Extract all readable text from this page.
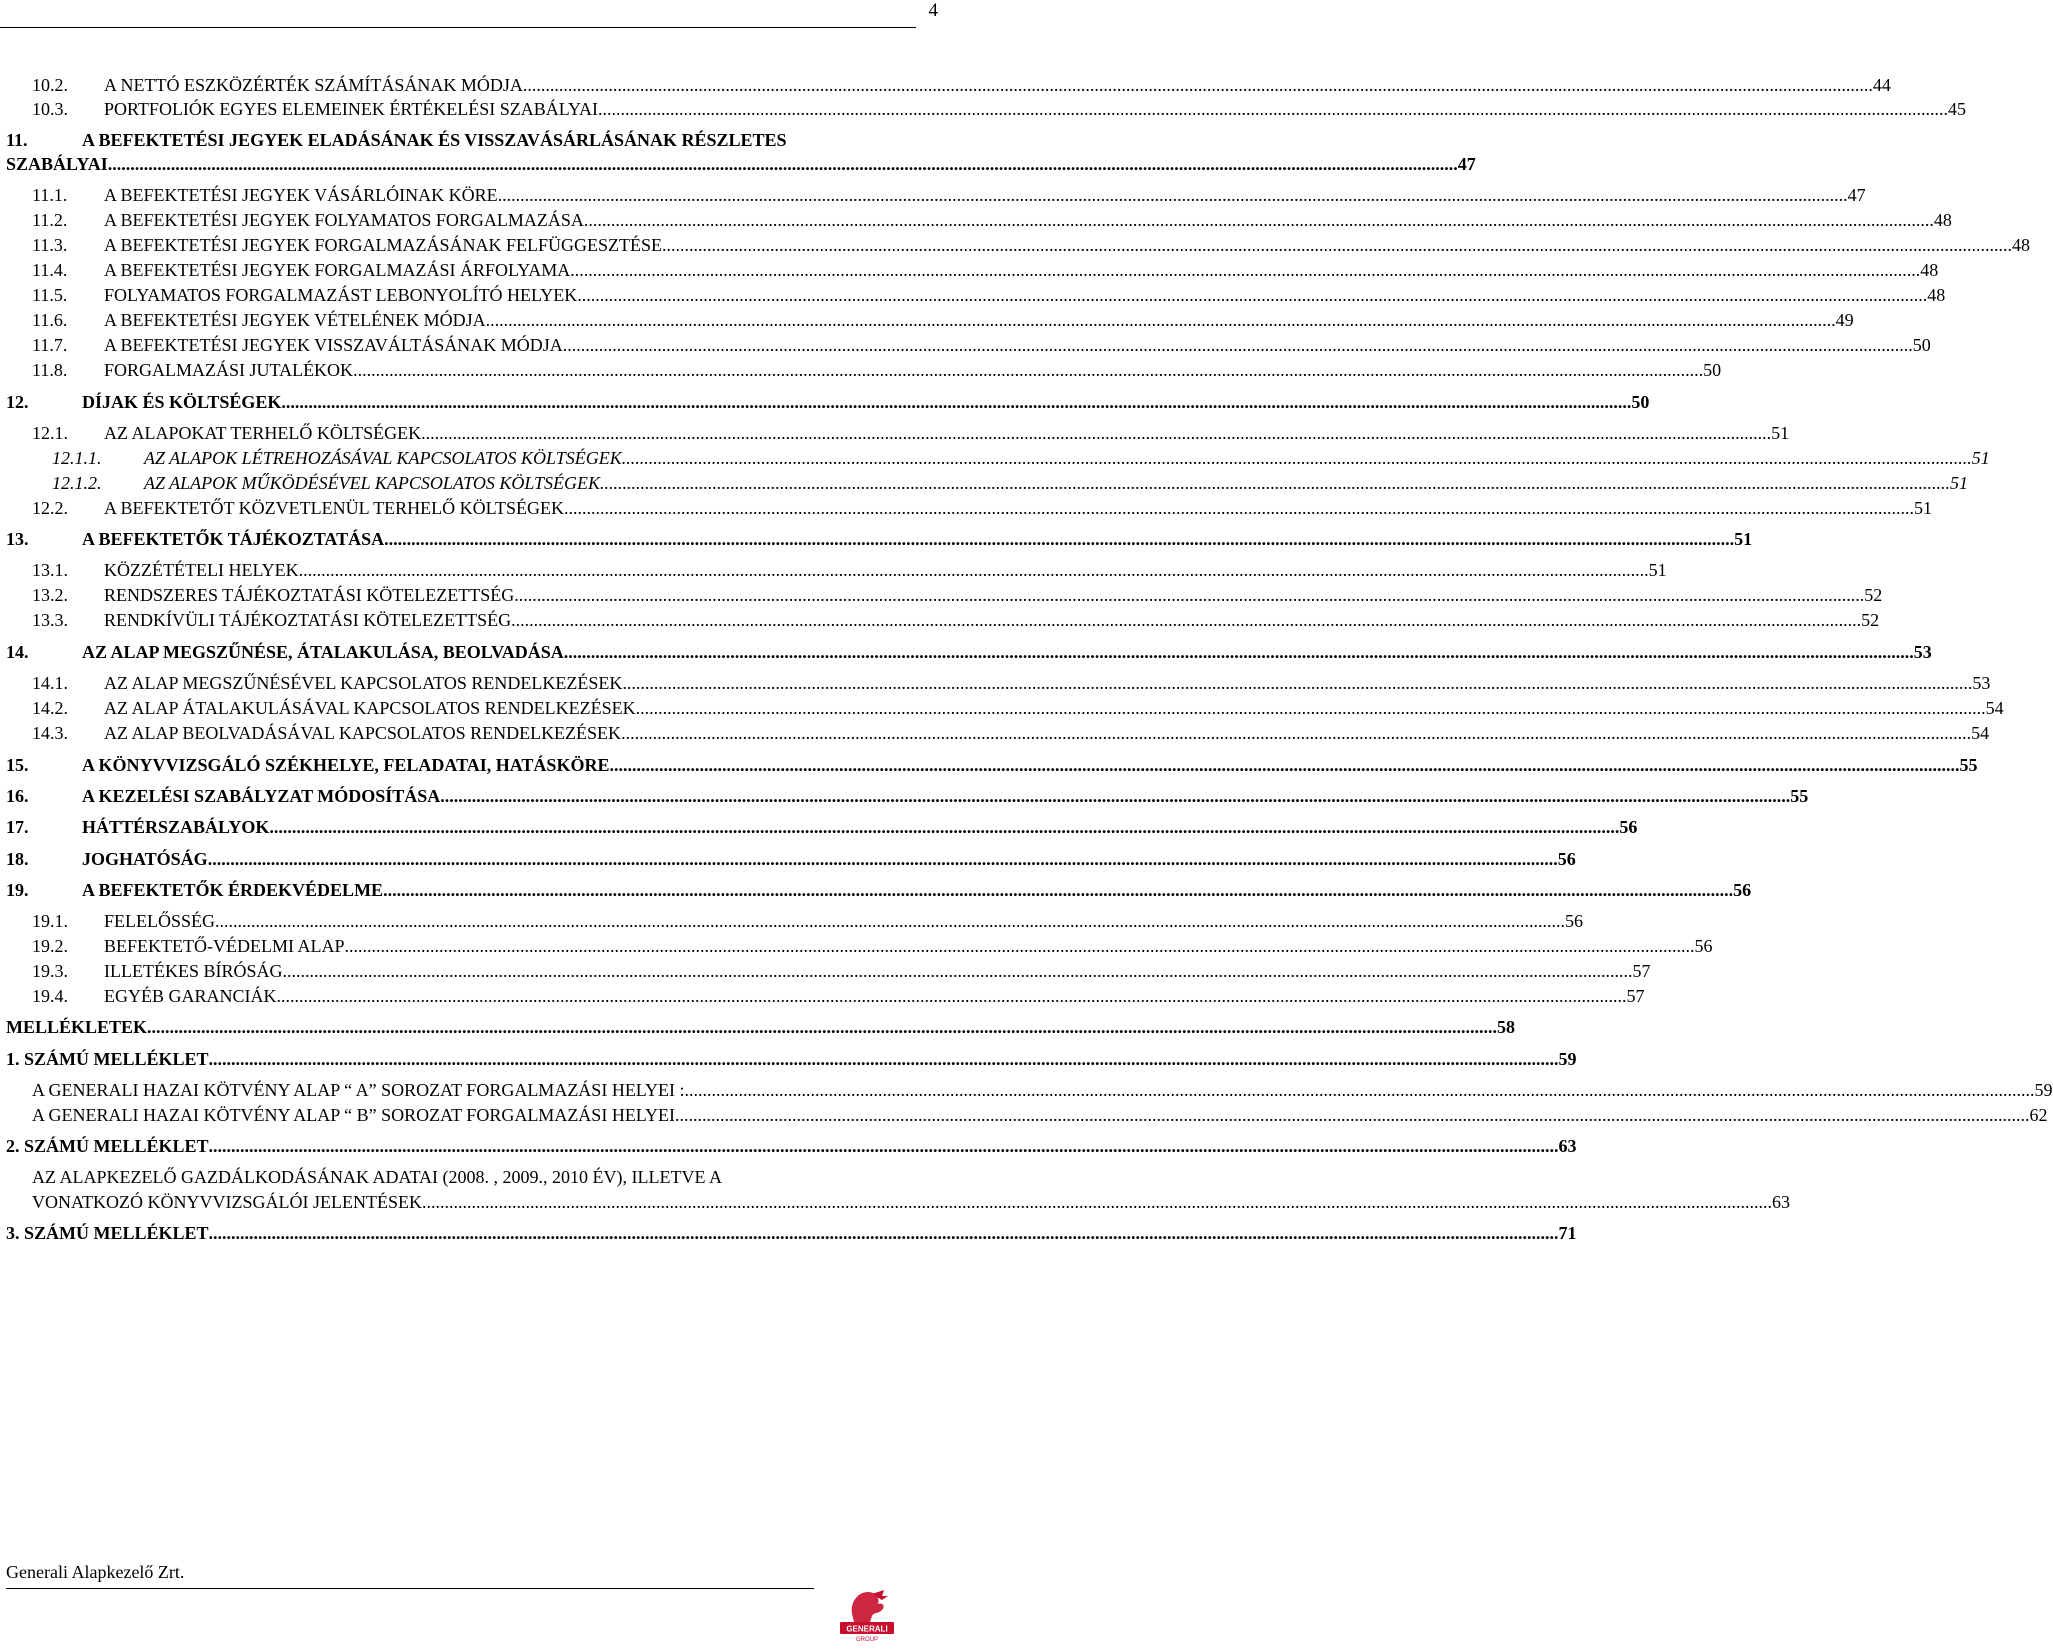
4
10.2.	A NETTÓ ESZKÖZÉRTÉK SZÁMÍTÁSÁNAK MÓDJA ............................................................................................................................................................................................................................................................................................................ 44
10.3.	PORTFOLIÓK EGYES ELEMEINEK ÉRTÉKELÉSI SZABÁLYAI ............................................................................................................................................................................................................................................................................................................ 45
11.	A BEFEKTETÉSI JEGYEK ELADÁSÁNAK ÉS VISSZAVÁSÁRLÁSÁNAK RÉSZLETES
SZABÁLYAI ............................................................................................................................................................................................................................................................................................................ 47
11.1.	A BEFEKTETÉSI JEGYEK VÁSÁRLÓINAK KÖRE ............................................................................................................................................................................................................................................................................................................ 47
11.2.	A BEFEKTETÉSI JEGYEK FOLYAMATOS FORGALMAZÁSA ............................................................................................................................................................................................................................................................................................................ 48
11.3.	A BEFEKTETÉSI JEGYEK FORGALMAZÁSÁNAK FELFÜGGESZTÉSE ............................................................................................................................................................................................................................................................................................................ 48
11.4.	A BEFEKTETÉSI JEGYEK FORGALMAZÁSI ÁRFOLYAMA ............................................................................................................................................................................................................................................................................................................ 48
11.5.	FOLYAMATOS FORGALMAZÁST LEBONYOLÍTÓ HELYEK ............................................................................................................................................................................................................................................................................................................ 48
11.6.	A BEFEKTETÉSI JEGYEK VÉTELÉNEK MÓDJA ............................................................................................................................................................................................................................................................................................................ 49
11.7.	A BEFEKTETÉSI JEGYEK VISSZAVÁLTÁSÁNAK MÓDJA ............................................................................................................................................................................................................................................................................................................ 50
11.8.	FORGALMAZÁSI JUTALÉKOK ............................................................................................................................................................................................................................................................................................................ 50
12.	DÍJAK ÉS KÖLTSÉGEK ............................................................................................................................................................................................................................................................................................................ 50
12.1.	AZ ALAPOKAT TERHELŐ KÖLTSÉGEK ............................................................................................................................................................................................................................................................................................................ 51
12.1.1.	AZ ALAPOK LÉTREHOZÁSÁVAL KAPCSOLATOS KÖLTSÉGEK ............................................................................................................................................................................................................................................................................................................ 51
12.1.2.	AZ ALAPOK MŰKÖDÉSÉVEL KAPCSOLATOS KÖLTSÉGEK ............................................................................................................................................................................................................................................................................................................ 51
12.2.	A BEFEKTETŐT KÖZVETLENÜL TERHELŐ KÖLTSÉGEK ............................................................................................................................................................................................................................................................................................................ 51
13.	A BEFEKTETŐK TÁJÉKOZTATÁSA ............................................................................................................................................................................................................................................................................................................ 51
13.1.	KÖZZÉTÉTELI HELYEK ............................................................................................................................................................................................................................................................................................................ 51
13.2.	RENDSZERES TÁJÉKOZTATÁSI KÖTELEZETTSÉG ............................................................................................................................................................................................................................................................................................................ 52
13.3.	RENDKÍVÜLI TÁJÉKOZTATÁSI KÖTELEZETTSÉG ............................................................................................................................................................................................................................................................................................................ 52
14.	AZ ALAP MEGSZŰNÉSE, ÁTALAKULÁSA, BEOLVADÁSA ............................................................................................................................................................................................................................................................................................................ 53
14.1.	AZ ALAP MEGSZŰNÉSÉVEL KAPCSOLATOS RENDELKEZÉSEK ............................................................................................................................................................................................................................................................................................................ 53
14.2.	AZ ALAP ÁTALAKULÁSÁVAL KAPCSOLATOS RENDELKEZÉSEK ............................................................................................................................................................................................................................................................................................................ 54
14.3.	AZ ALAP BEOLVADÁSÁVAL KAPCSOLATOS RENDELKEZÉSEK ............................................................................................................................................................................................................................................................................................................ 54
15.	A KÖNYVVIZSGÁLÓ SZÉKHELYE, FELADATAI, HATÁSKÖRE ............................................................................................................................................................................................................................................................................................................ 55
16.	A KEZELÉSI SZABÁLYZAT MÓDOSÍTÁSA ............................................................................................................................................................................................................................................................................................................ 55
17.	HÁTTÉRSZABÁLYOK ............................................................................................................................................................................................................................................................................................................ 56
18.	JOGHATÓSÁG ............................................................................................................................................................................................................................................................................................................ 56
19.	A BEFEKTETŐK ÉRDEKVÉDELME ............................................................................................................................................................................................................................................................................................................ 56
19.1.	FELELŐSSÉG ............................................................................................................................................................................................................................................................................................................ 56
19.2.	BEFEKTETŐ-VÉDELMI ALAP ............................................................................................................................................................................................................................................................................................................ 56
19.3.	ILLETÉKES BÍRÓSÁG ............................................................................................................................................................................................................................................................................................................ 57
19.4.	EGYÉB GARANCIÁK ............................................................................................................................................................................................................................................................................................................ 57
MELLÉKLETEK ............................................................................................................................................................................................................................................................................................................ 58
1. SZÁMÚ MELLÉKLET ............................................................................................................................................................................................................................................................................................................ 59
A GENERALI HAZAI KÖTVÉNY ALAP “ A” SOROZAT FORGALMAZÁSI HELYEI : ............................................................................................................................................................................................................................................................................................................ 59
A GENERALI HAZAI KÖTVÉNY ALAP “ B” SOROZAT FORGALMAZÁSI HELYEI. ............................................................................................................................................................................................................................................................................................................ 62
2. SZÁMÚ MELLÉKLET ............................................................................................................................................................................................................................................................................................................ 63
AZ ALAPKEZELŐ GAZDÁLKODÁSÁNAK ADATAI (2008. , 2009., 2010 ÉV), ILLETVE A
VONATKOZÓ KÖNYVVIZSGÁLÓI JELENTÉSEK ............................................................................................................................................................................................................................................................................................................ 63
3. SZÁMÚ MELLÉKLET ............................................................................................................................................................................................................................................................................................................ 71
Generali Alapkezelő Zrt.
GENERALI
GROUP
